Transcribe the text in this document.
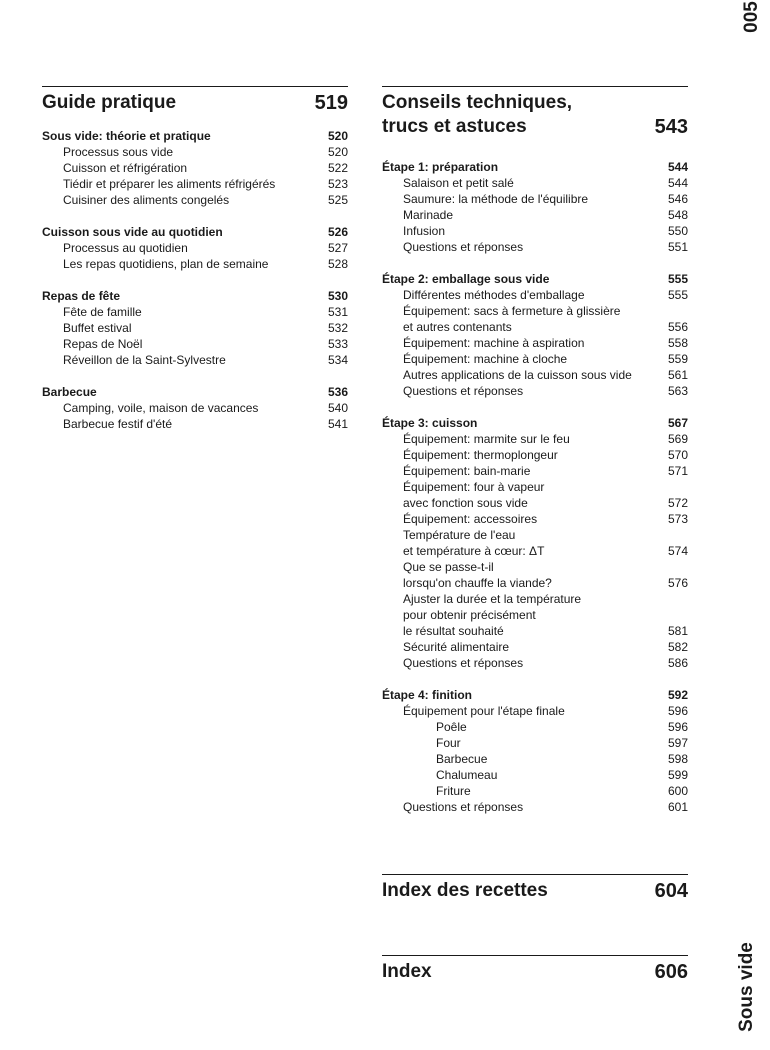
005
Sous vide
Guide pratique	519
Sous vide: théorie et pratique	520
Processus sous vide	520
Cuisson et réfrigération	522
Tiédir et préparer les aliments réfrigérés	523
Cuisiner des aliments congelés	525
Cuisson sous vide au quotidien	526
Processus au quotidien	527
Les repas quotidiens, plan de semaine	528
Repas de fête	530
Fête de famille	531
Buffet estival	532
Repas de Noël	533
Réveillon de la Saint-Sylvestre	534
Barbecue	536
Camping, voile, maison de vacances	540
Barbecue festif d'été	541
Conseils techniques,
trucs et astuces	543
Étape 1: préparation	544
Salaison et petit salé	544
Saumure: la méthode de l'équilibre	546
Marinade	548
Infusion	550
Questions et réponses	551
Étape 2: emballage sous vide	555
Différentes méthodes d'emballage	555
Équipement: sacs à fermeture à glissière
et autres contenants	556
Équipement: machine à aspiration	558
Équipement: machine à cloche	559
Autres applications de la cuisson sous vide	561
Questions et réponses	563
Étape 3: cuisson	567
Équipement: marmite sur le feu	569
Équipement: thermoplongeur	570
Équipement: bain-marie	571
Équipement: four à vapeur
avec fonction sous vide	572
Équipement: accessoires	573
Température de l'eau
et température à cœur: ΔT	574
Que se passe-t-il
lorsqu'on chauffe la viande?	576
Ajuster la durée et la température
pour obtenir précisément
le résultat souhaité	581
Sécurité alimentaire	582
Questions et réponses	586
Étape 4: finition	592
Équipement pour l'étape finale	596
Poêle	596
Four	597
Barbecue	598
Chalumeau	599
Friture	600
Questions et réponses	601
Index des recettes	604
Index	606
